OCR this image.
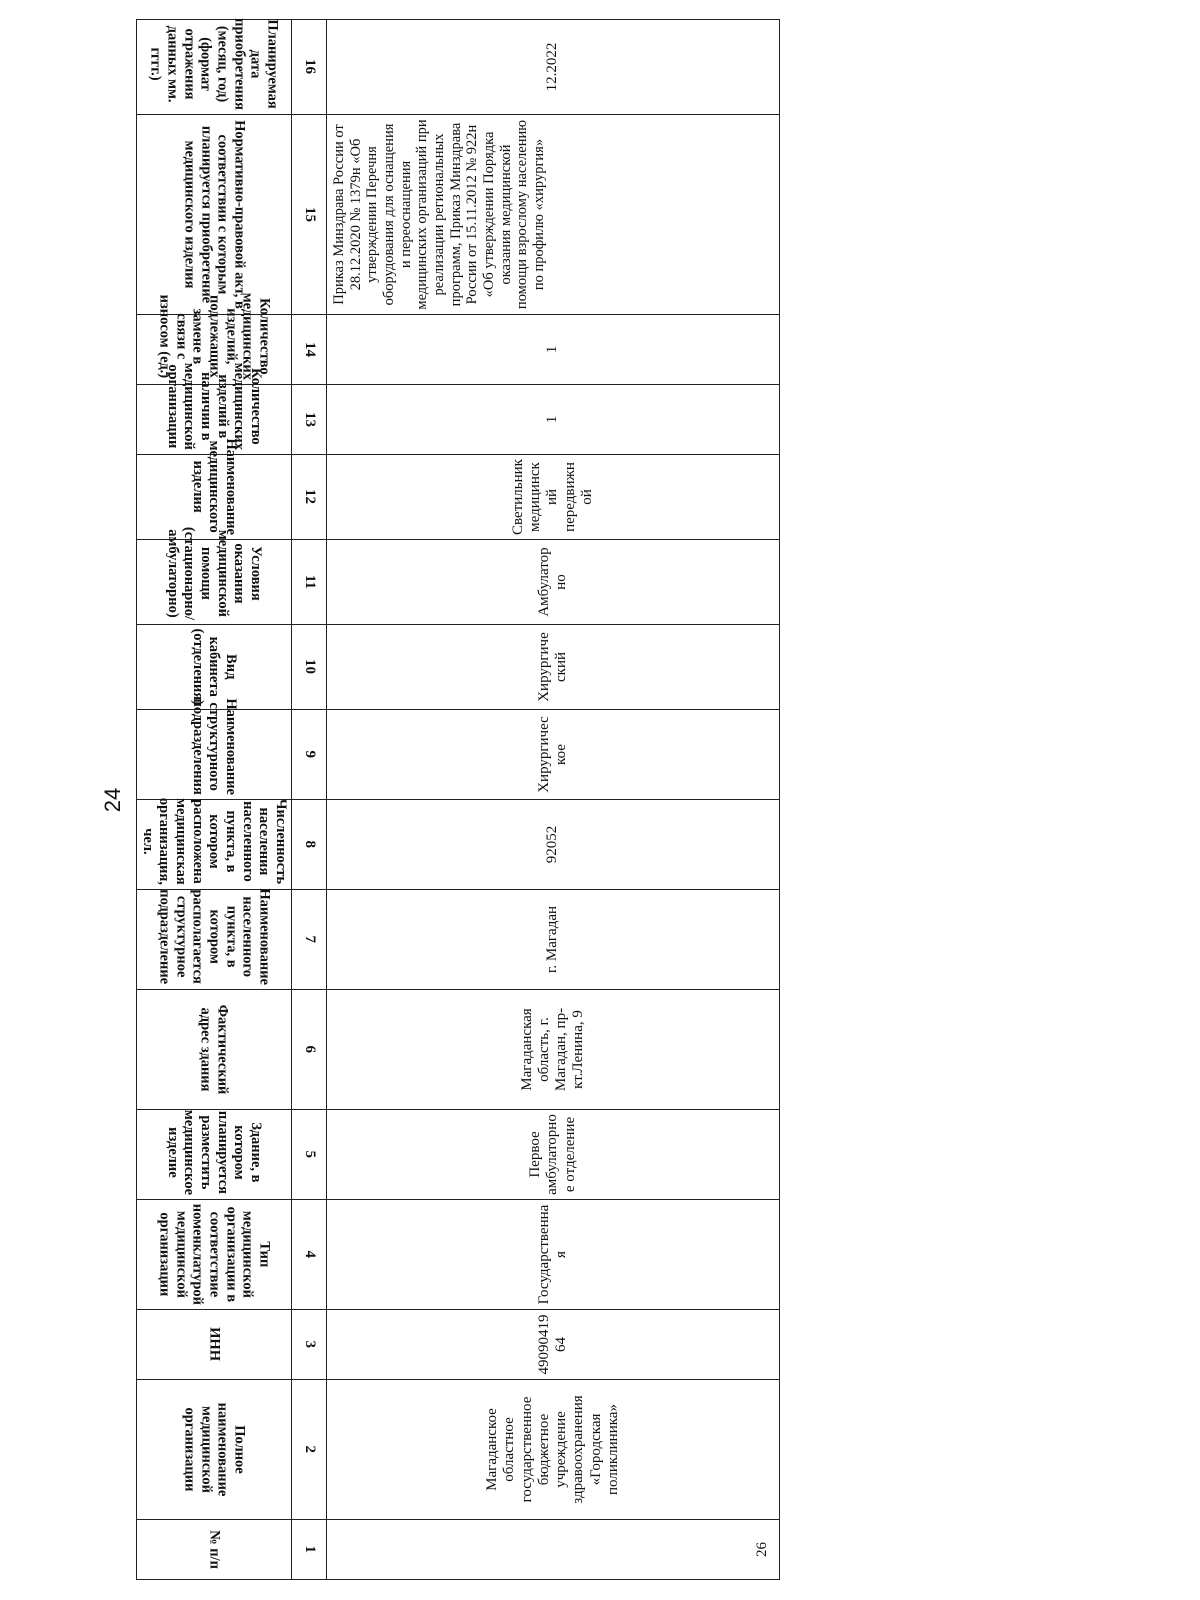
24
№ п/п	Полное наименование медицинской организации	ИНН	Тип медицинской организации в соответствие номенклатурой медицинской организации	Здание, в котором планируется разместить медицинское изделие	Фактический адрес здания	Наименование населенного пункта, в котором располагается структурное подразделение	Численность населения населенного пункта, в котором расположена медицинская организация, чел.	Наименование структурного подразделения	Вид кабинета (отделения)	Условия оказания медицинской помощи (стационарно/амбулаторно)	Наименование медицинского изделия	Количество медицинских изделий в наличии в медицинской организации	Количество медицинских изделий, подлежащих замене в связи с износом (ед.)	Нормативно-правовой акт, в соответствии с которым планируется приобретение медицинского изделия	Планируемая дата приобретения (месяц, год) (формат отражения данных мм. гггг.)
1	2	3	4	5	6	7	8	9	10	11	12	13	14	15	16
26	Магаданское областное государственное бюджетное учреждение здравоохранения «Городская поликлиника»	4909041964	Государственная	Первое амбулаторное отделение	Магаданская область, г. Магадан, пр-кт.Ленина, 9	г. Магадан	92052	Хирургическое	Хирургический	Амбулаторно	Светильник медицинский передвижной	1	1	Приказ Минздрава России от 28.12.2020 № 1379н «Об утверждении Перечня оборудования для оснащения и переоснащения медицинских организаций при реализации региональных программ, Приказ Минздрава России от 15.11.2012 № 922н «Об утверждении Порядка оказания медицинской помощи взрослому населению по профилю «хирургия»	12.2022
